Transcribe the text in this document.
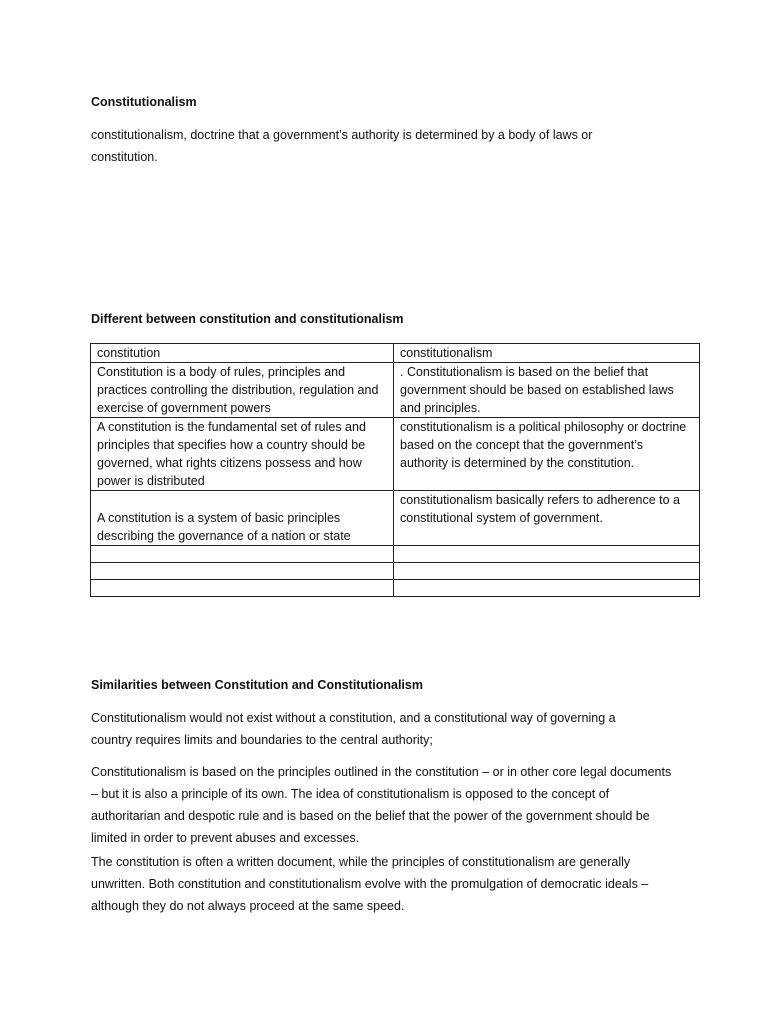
Constitutionalism
constitutionalism, doctrine that a government’s authority is determined by a body of laws or constitution.
Different between constitution and constitutionalism
constitution	constitutionalism
Constitution is a body of rules, principles and practices controlling the distribution, regulation and exercise of government powers	. Constitutionalism is based on the belief that government should be based on established laws and principles.
A constitution is the fundamental set of rules and principles that specifies how a country should be governed, what rights citizens possess and how power is distributed	constitutionalism is a political philosophy or doctrine based on the concept that the government’s authority is determined by the constitution.
A constitution is a system of basic principles describing the governance of a nation or state	constitutionalism basically refers to adherence to a constitutional system of government.

Similarities between Constitution and Constitutionalism
Constitutionalism would not exist without a constitution, and a constitutional way of governing a country requires limits and boundaries to the central authority;
Constitutionalism is based on the principles outlined in the constitution – or in other core legal documents – but it is also a principle of its own. The idea of constitutionalism is opposed to the concept of authoritarian and despotic rule and is based on the belief that the power of the government should be limited in order to prevent abuses and excesses.
The constitution is often a written document, while the principles of constitutionalism are generally unwritten. Both constitution and constitutionalism evolve with the promulgation of democratic ideals – although they do not always proceed at the same speed.
